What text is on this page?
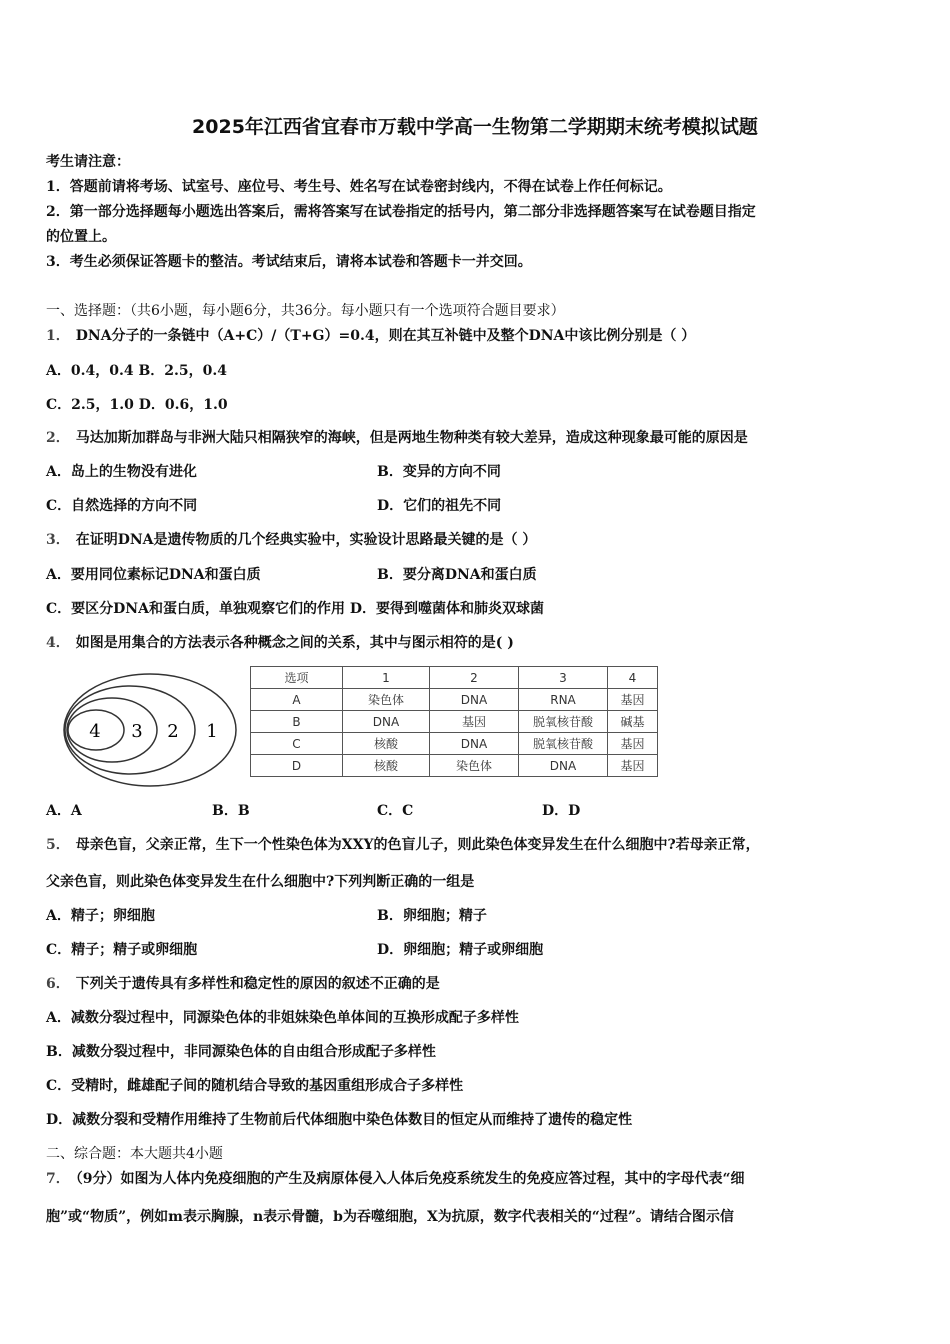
2025年江西省宜春市万载中学高一生物第二学期期末统考模拟试题
考生请注意：
1．答题前请将考场、试室号、座位号、考生号、姓名写在试卷密封线内，不得在试卷上作任何标记。
2．第一部分选择题每小题选出答案后，需将答案写在试卷指定的括号内，第二部分非选择题答案写在试卷题目指定
的位置上。
3．考生必须保证答题卡的整洁。考试结束后，请将本试卷和答题卡一并交回。
一、选择题：（共6小题，每小题6分，共36分。每小题只有一个选项符合题目要求）
1． DNA分子的一条链中（A+C）/（T+G）=0.4，则在其互补链中及整个DNA中该比例分别是（ ）
A．0.4，0.4 B．2.5，0.4
C．2.5，1.0 D．0.6，1.0
2． 马达加斯加群岛与非洲大陆只相隔狭窄的海峡，但是两地生物种类有较大差异，造成这种现象最可能的原因是
A．岛上的生物没有进化	B．变异的方向不同
C．自然选择的方向不同	D．它们的祖先不同
3． 在证明DNA是遗传物质的几个经典实验中，实验设计思路最关键的是（ ）
A．要用同位素标记DNA和蛋白质	B．要分离DNA和蛋白质
C．要区分DNA和蛋白质，单独观察它们的作用 D．要得到噬菌体和肺炎双球菌
4． 如图是用集合的方法表示各种概念之间的关系，其中与图示相符的是( )
4 3 2 1
选项	1	2	3	4
A	染色体	DNA	RNA	基因
B	DNA	基因	脱氧核苷酸	碱基
C	核酸	DNA	脱氧核苷酸	基因
D	核酸	染色体	DNA	基因
A．A	B．B	C．C	D．D
5． 母亲色盲，父亲正常，生下一个性染色体为XXY的色盲儿子，则此染色体变异发生在什么细胞中?若母亲正常，
父亲色盲，则此染色体变异发生在什么细胞中?下列判断正确的一组是
A．精子；卵细胞	B．卵细胞；精子
C．精子；精子或卵细胞	D．卵细胞；精子或卵细胞
6． 下列关于遗传具有多样性和稳定性的原因的叙述不正确的是
A．减数分裂过程中，同源染色体的非姐妹染色单体间的互换形成配子多样性
B．减数分裂过程中，非同源染色体的自由组合形成配子多样性
C．受精时，雌雄配子间的随机结合导致的基因重组形成合子多样性
D．减数分裂和受精作用维持了生物前后代体细胞中染色体数目的恒定从而维持了遗传的稳定性
二、综合题：本大题共4小题
7． （9分）如图为人体内免疫细胞的产生及病原体侵入人体后免疫系统发生的免疫应答过程，其中的字母代表“细
胞”或“物质”，例如m表示胸腺，n表示骨髓，b为吞噬细胞，X为抗原，数字代表相关的“过程”。请结合图示信
